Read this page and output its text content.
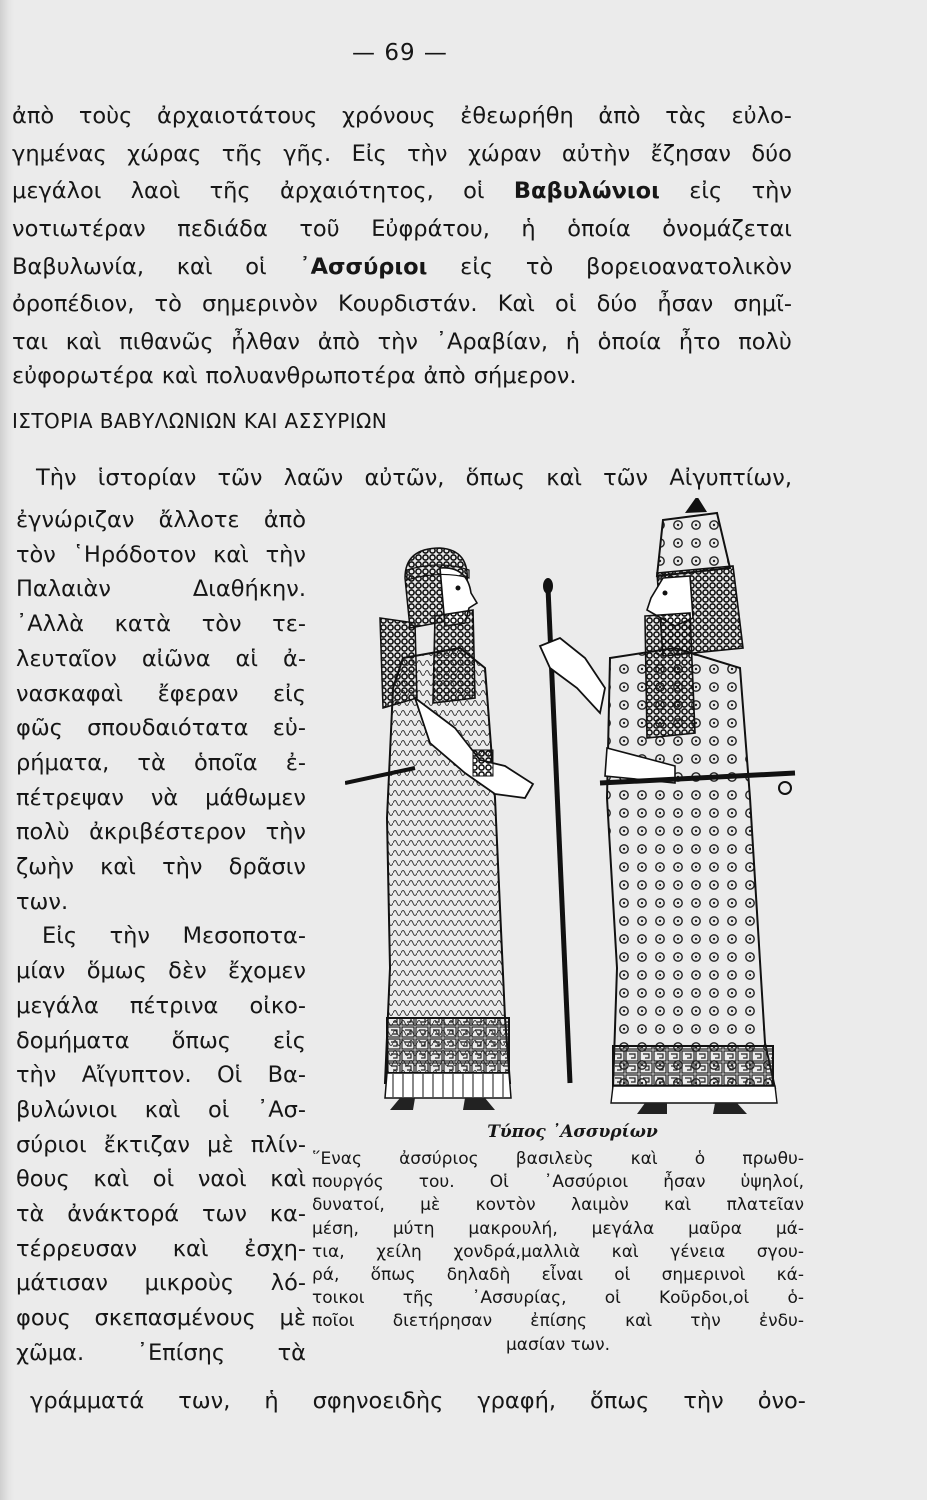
— 69 —
ἀπὸ τοὺς ἀρχαιοτάτους χρόνους ἐθεωρήθη ἀπὸ τὰς εὐλο-
γημένας χώρας τῆς γῆς. Εἰς τὴν χώραν αὐτὴν ἔζησαν δύο
μεγάλοι λαοὶ τῆς ἀρχαιότητος, οἱ Βαβυλώνιοι εἰς τὴν
νοτιωτέραν πεδιάδα τοῦ Εὐφράτου, ἡ ὁποία ὀνομάζεται
Βαβυλωνία, καὶ οἱ ᾿Ασσύριοι εἰς τὸ βορειοανατολικὸν
ὀροπέδιον, τὸ σημερινὸν Κουρδιστάν. Καὶ οἱ δύο ἦσαν σημῖ-
ται καὶ πιθανῶς ἦλθαν ἀπὸ τὴν ᾿Αραβίαν, ἡ ὁποία ἦτο πολὺ
εὐφορωτέρα καὶ πολυανθρωποτέρα ἀπὸ σήμερον.
ΙΣΤΟΡΙΑ ΒΑΒΥΛΩΝΙΩΝ ΚΑΙ ΑΣΣΥΡΙΩΝ
Τὴν ἱστορίαν τῶν λαῶν αὐτῶν, ὅπως καὶ τῶν Αἰγυπτίων,
ἐγνώριζαν ἄλλοτε ἀπὸ
τὸν ῾Ηρόδοτον καὶ τὴν
Παλαιὰν	Διαθήκην.
᾿Αλλὰ κατὰ τὸν τε-
λευταῖον αἰῶνα αἱ ἀ-
νασκαφαὶ ἔφεραν εἰς
φῶς σπουδαιότατα εὑ-
ρήματα, τὰ ὁποῖα ἐ-
πέτρεψαν νὰ μάθωμεν
πολὺ ἀκριβέστερον τὴν
ζωὴν καὶ τὴν δρᾶσιν
των.
Εἰς τὴν Μεσοποτα-
μίαν ὅμως δὲν ἔχομεν
μεγάλα πέτρινα οἰκο-
δομήματα ὅπως εἰς
τὴν Αἴγυπτον. Οἱ Βα-
βυλώνιοι καὶ οἱ ᾿Ασ-
σύριοι ἔκτιζαν μὲ πλίν-
θους καὶ οἱ ναοὶ καὶ
τὰ ἀνάκτορά των κα-
τέρρευσαν καὶ ἐσχη-
μάτισαν μικροὺς λό-
φους σκεπασμένους μὲ
χῶμα. ᾿Επίσης τὰ
Τύπος ᾿Ασσυρίων
῞Ενας ἀσσύριος βασιλεὺς καὶ ὁ πρωθυ-
πουργός του. Οἱ ᾿Ασσύριοι ἦσαν ὑψηλοί,
δυνατοί, μὲ κοντὸν λαιμὸν καὶ πλατεῖαν
μέση, μύτη μακρουλή, μεγάλα μαῦρα μά-
τια, χείλη χονδρά,μαλλιὰ καὶ γένεια σγου-
ρά, ὅπως δηλαδὴ εἶναι οἱ σημερινοὶ κά-
τοικοι τῆς ᾿Ασσυρίας, οἱ Κοῦρδοι,οἱ ὁ-
ποῖοι διετήρησαν ἐπίσης καὶ τὴν ἐνδυ-
μασίαν των.
γράμματά των, ἡ σφηνοειδὴς γραφή, ὅπως τὴν ὀνο-
